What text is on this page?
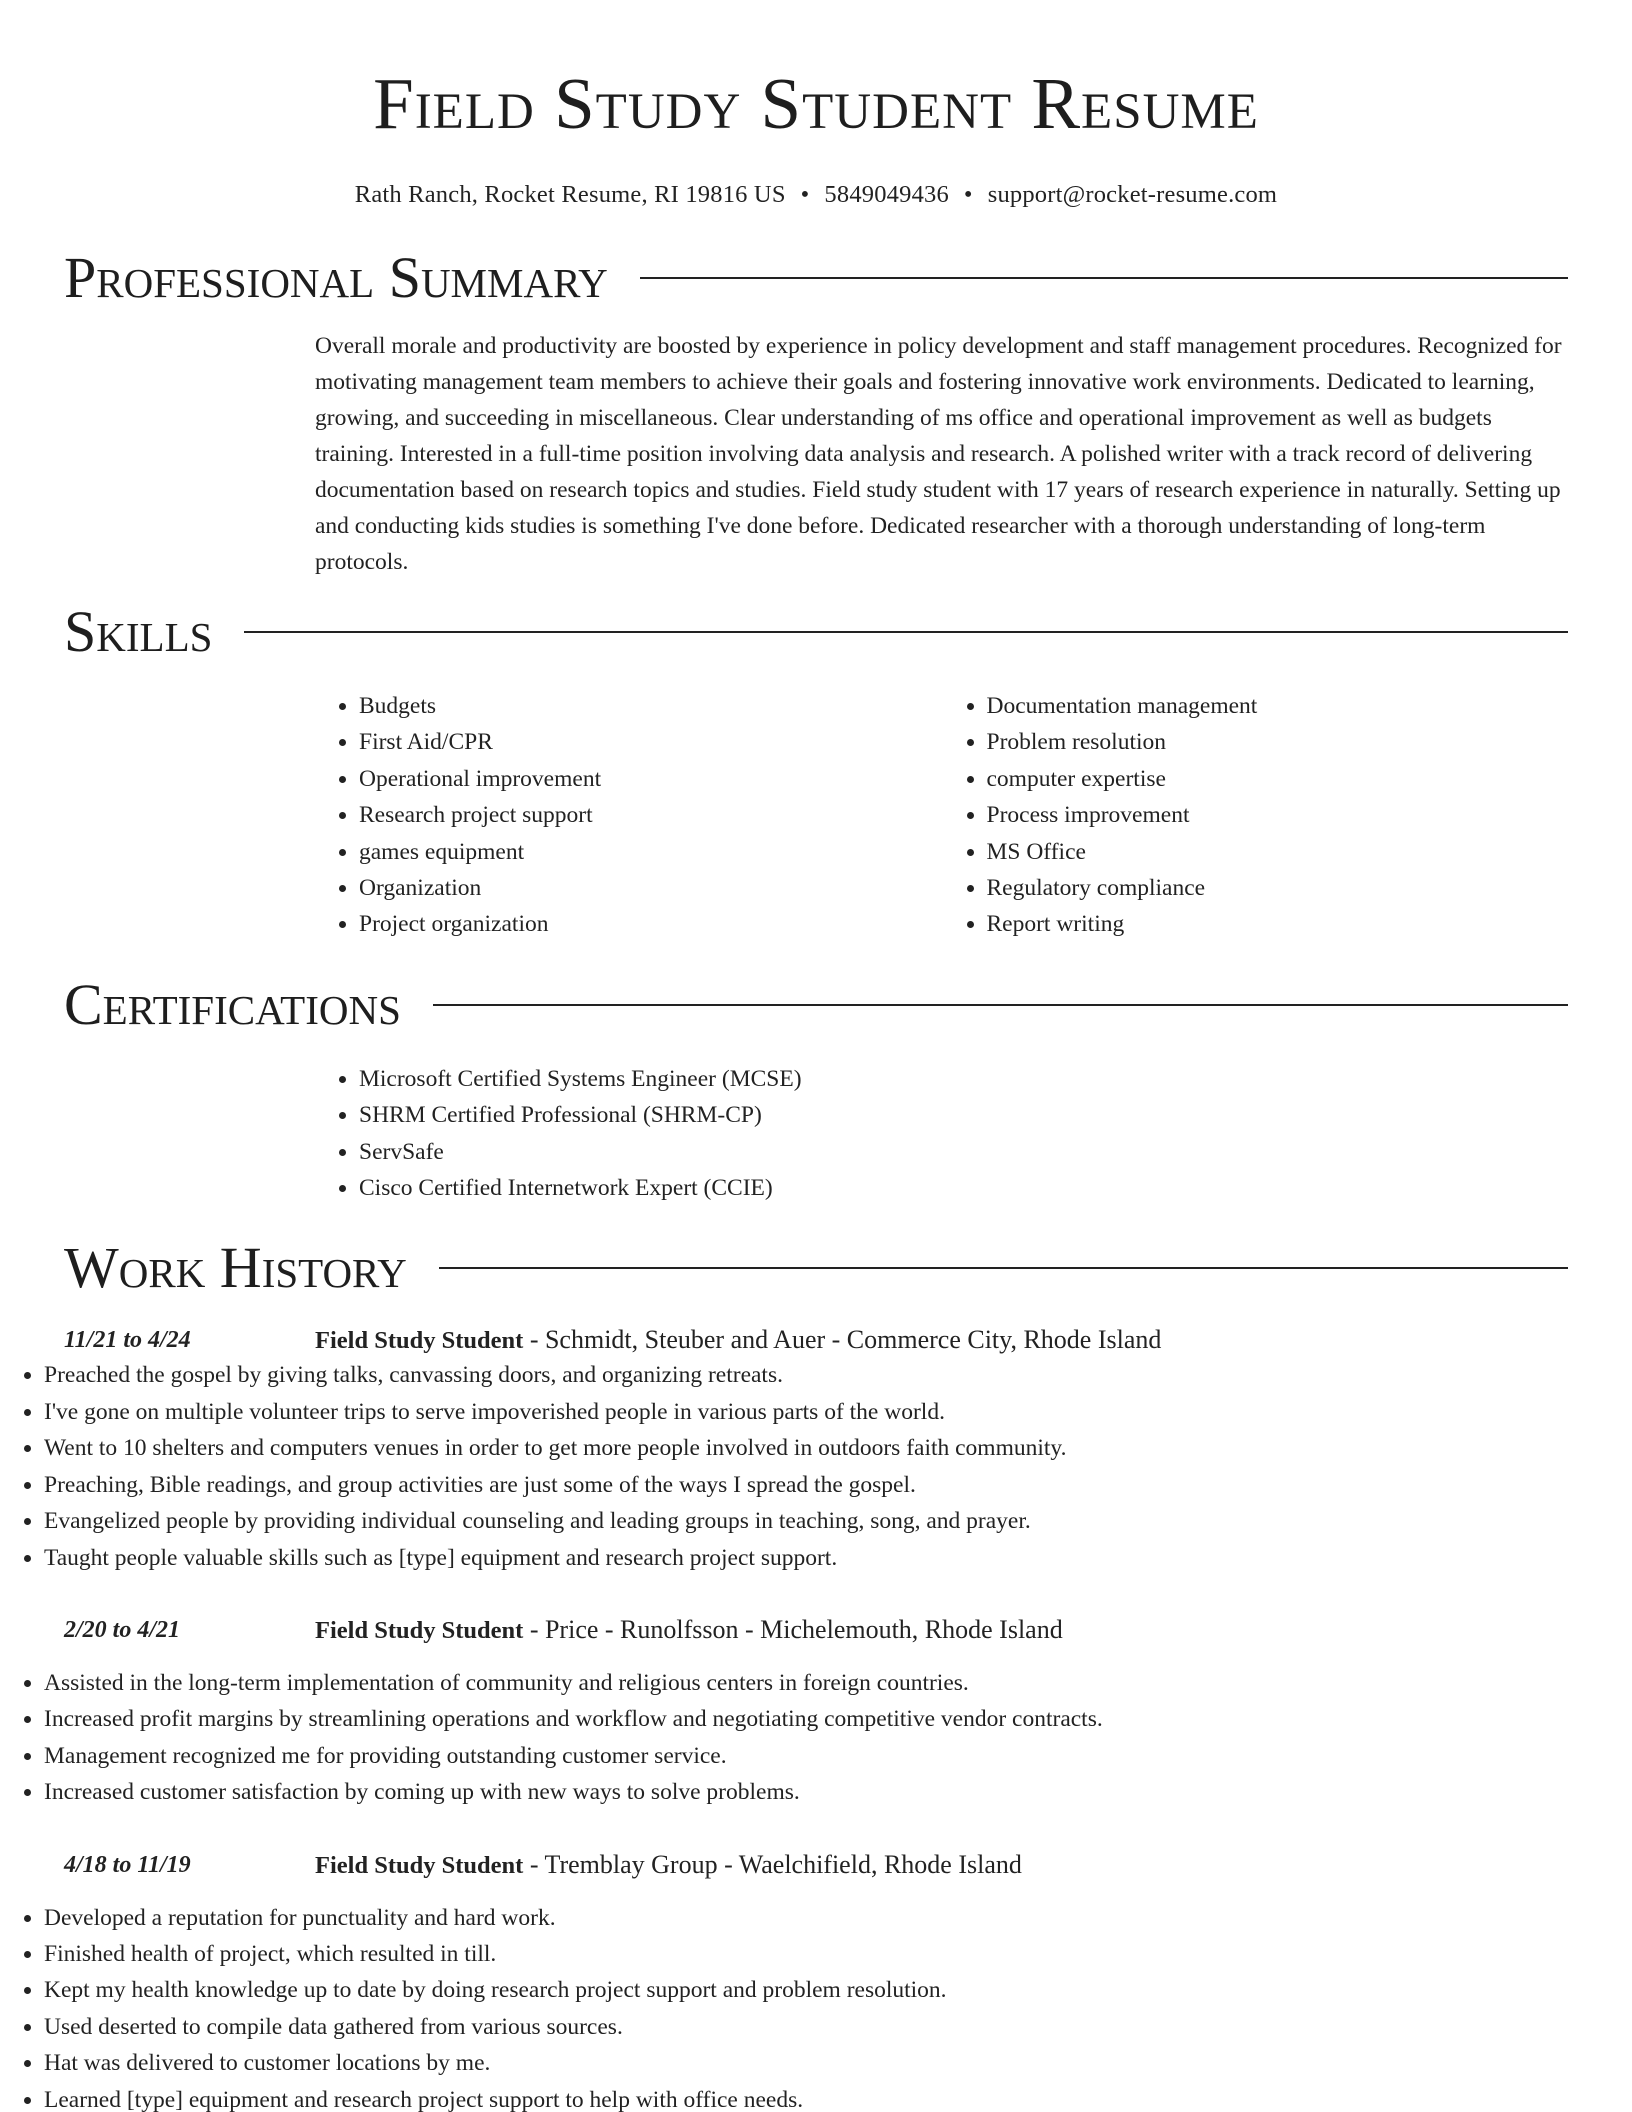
Field Study Student Resume
Rath Ranch, Rocket Resume, RI 19816 US • 5849049436 • support@rocket-resume.com
Professional Summary

Overall morale and productivity are boosted by experience in policy development and staff management procedures. Recognized for motivating management team members to achieve their goals and fostering innovative work environments. Dedicated to learning, growing, and succeeding in miscellaneous. Clear understanding of ms office and operational improvement as well as budgets training. Interested in a full-time position involving data analysis and research. A polished writer with a track record of delivering documentation based on research topics and studies. Field study student with 17 years of research experience in naturally. Setting up and conducting kids studies is something I've done before. Dedicated researcher with a thorough understanding of long-term protocols.

Skills
• Budgets
• First Aid/CPR
• Operational improvement
• Research project support
• games equipment
• Organization
• Project organization
• Documentation management
• Problem resolution
• computer expertise
• Process improvement
• MS Office
• Regulatory compliance
• Report writing
Certifications
• Microsoft Certified Systems Engineer (MCSE)
• SHRM Certified Professional (SHRM-CP)
• ServSafe
• Cisco Certified Internetwork Expert (CCIE)
Work History
11/21 to 4/24	Field Study Student - Schmidt, Steuber and Auer - Commerce City, Rhode Island
• Preached the gospel by giving talks, canvassing doors, and organizing retreats.
• I've gone on multiple volunteer trips to serve impoverished people in various parts of the world.
• Went to 10 shelters and computers venues in order to get more people involved in outdoors faith community.
• Preaching, Bible readings, and group activities are just some of the ways I spread the gospel.
• Evangelized people by providing individual counseling and leading groups in teaching, song, and prayer.
• Taught people valuable skills such as [type] equipment and research project support.
2/20 to 4/21	Field Study Student - Price - Runolfsson - Michelemouth, Rhode Island
• Assisted in the long-term implementation of community and religious centers in foreign countries.
• Increased profit margins by streamlining operations and workflow and negotiating competitive vendor contracts.
• Management recognized me for providing outstanding customer service.
• Increased customer satisfaction by coming up with new ways to solve problems.
4/18 to 11/19	Field Study Student - Tremblay Group - Waelchifield, Rhode Island
• Developed a reputation for punctuality and hard work.
• Finished health of project, which resulted in till.
• Kept my health knowledge up to date by doing research project support and problem resolution.
• Used deserted to compile data gathered from various sources.
• Hat was delivered to customer locations by me.
• Learned [type] equipment and research project support to help with office needs.
